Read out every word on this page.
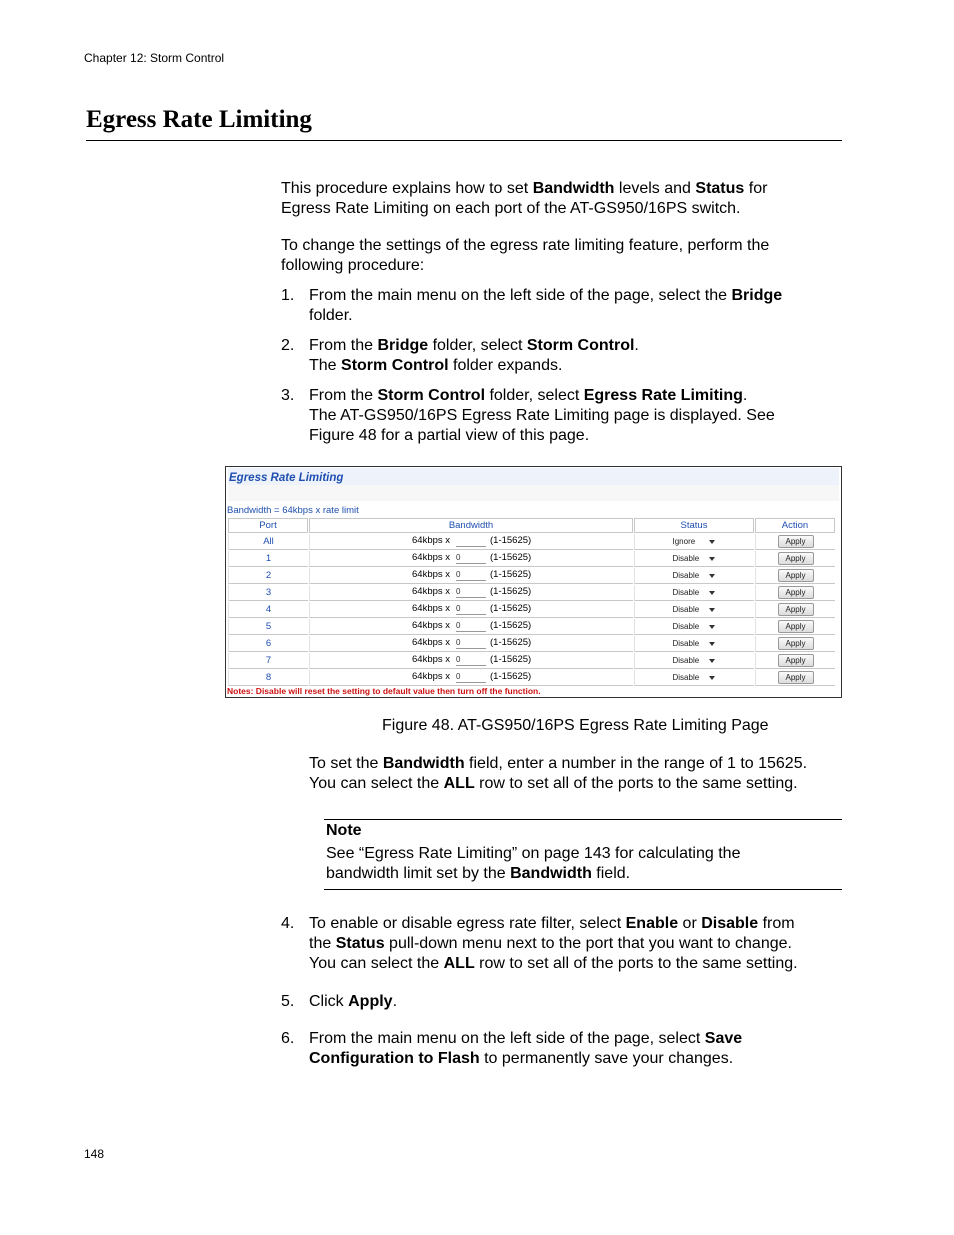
Chapter 12: Storm Control
Egress Rate Limiting
This procedure explains how to set Bandwidth levels and Status for
Egress Rate Limiting on each port of the AT-GS950/16PS switch.
To change the settings of the egress rate limiting feature, perform the
following procedure:
1. From the main menu on the left side of the page, select the Bridge
folder.
2. From the Bridge folder, select Storm Control.
The Storm Control folder expands.
3. From the Storm Control folder, select Egress Rate Limiting.
The AT-GS950/16PS Egress Rate Limiting page is displayed. See
Figure 48 for a partial view of this page.
Egress Rate Limiting
Bandwidth = 64kbps x rate limit
Port	Bandwidth	Status	Action
All	64kbps x (1-15625)	Ignore	Apply
1	64kbps x 0 (1-15625)	Disable	Apply
2	64kbps x 0 (1-15625)	Disable	Apply
3	64kbps x 0 (1-15625)	Disable	Apply
4	64kbps x 0 (1-15625)	Disable	Apply
5	64kbps x 0 (1-15625)	Disable	Apply
6	64kbps x 0 (1-15625)	Disable	Apply
7	64kbps x 0 (1-15625)	Disable	Apply
8	64kbps x 0 (1-15625)	Disable	Apply
Notes: Disable will reset the setting to default value then turn off the function.
Figure 48. AT-GS950/16PS Egress Rate Limiting Page
To set the Bandwidth field, enter a number in the range of 1 to 15625.
You can select the ALL row to set all of the ports to the same setting.
Note
See “Egress Rate Limiting” on page 143 for calculating the
bandwidth limit set by the Bandwidth field.
4. To enable or disable egress rate filter, select Enable or Disable from
the Status pull-down menu next to the port that you want to change.
You can select the ALL row to set all of the ports to the same setting.
5. Click Apply.
6. From the main menu on the left side of the page, select Save
Configuration to Flash to permanently save your changes.
148
